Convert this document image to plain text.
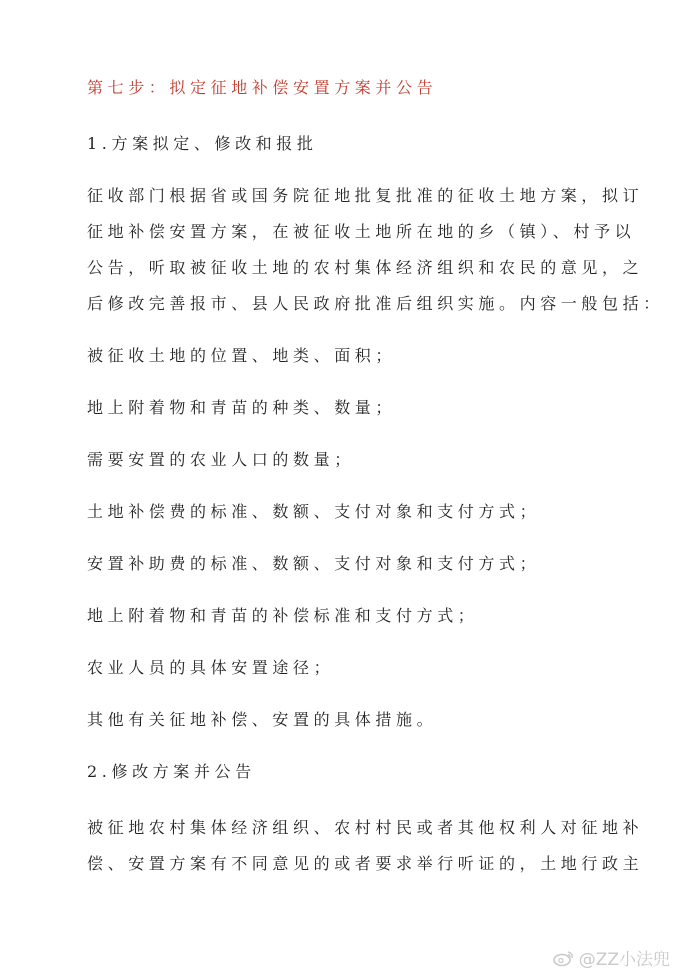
第七步：拟定征地补偿安置方案并公告
1.方案拟定、修改和报批
征收部门根据省或国务院征地批复批准的征收土地方案，拟订
征地补偿安置方案，在被征收土地所在地的乡（镇）、村予以
公告，听取被征收土地的农村集体经济组织和农民的意见，之
后修改完善报市、县人民政府批准后组织实施。内容一般包括：
被征收土地的位置、地类、面积；
地上附着物和青苗的种类、数量；
需要安置的农业人口的数量；
土地补偿费的标准、数额、支付对象和支付方式；
安置补助费的标准、数额、支付对象和支付方式；
地上附着物和青苗的补偿标准和支付方式；
农业人员的具体安置途径；
其他有关征地补偿、安置的具体措施。
2.修改方案并公告
被征地农村集体经济组织、农村村民或者其他权利人对征地补
偿、安置方案有不同意见的或者要求举行听证的，土地行政主
@ZZ小法兜
